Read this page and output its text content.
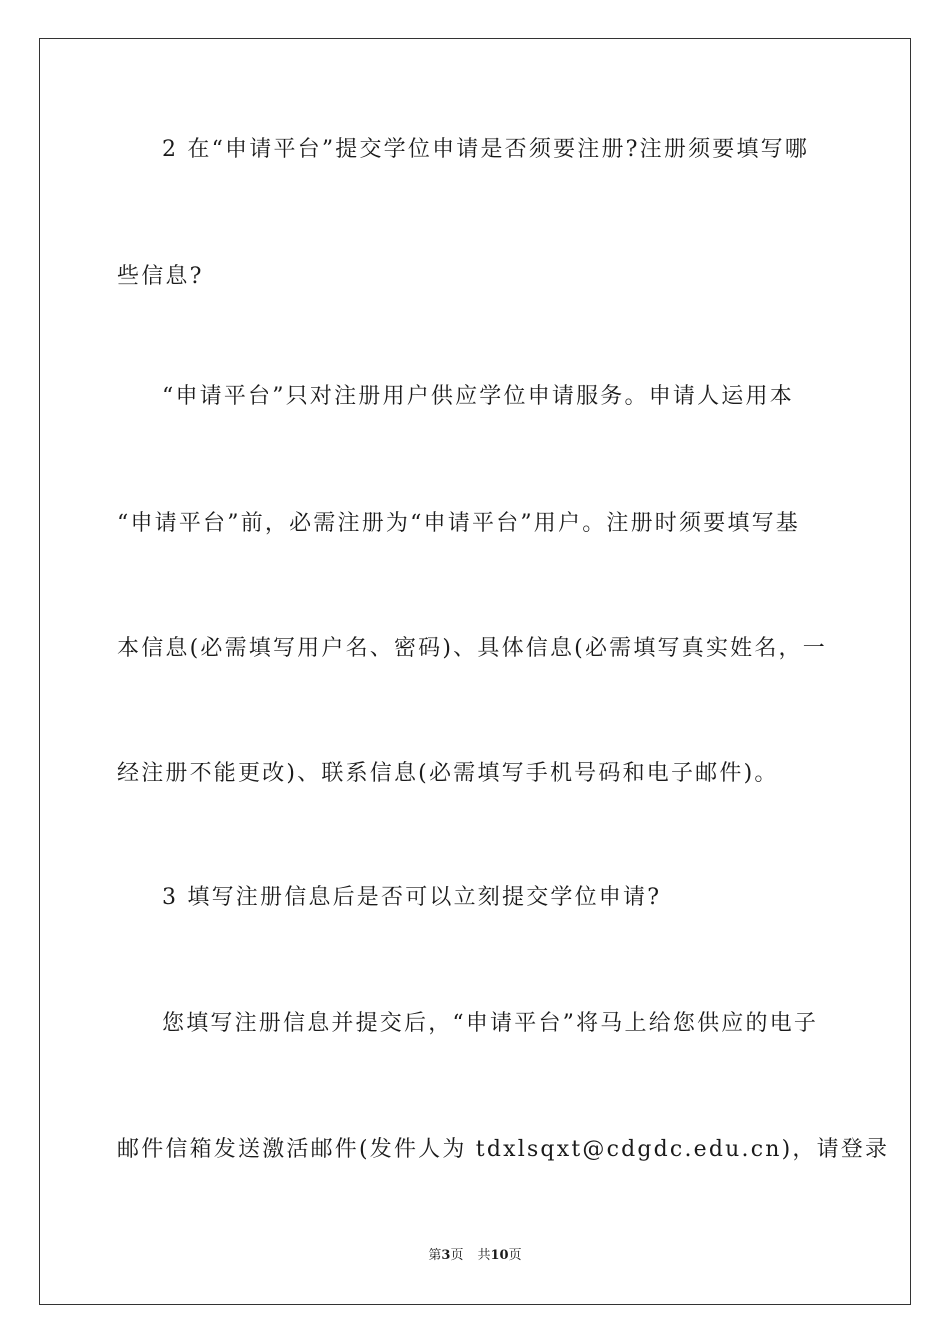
2 在“申请平台”提交学位申请是否须要注册?注册须要填写哪
些信息?
“申请平台”只对注册用户供应学位申请服务。申请人运用本
“申请平台”前，必需注册为“申请平台”用户。注册时须要填写基
本信息(必需填写用户名、密码)、具体信息(必需填写真实姓名，一
经注册不能更改)、联系信息(必需填写手机号码和电子邮件)。
3 填写注册信息后是否可以立刻提交学位申请?
您填写注册信息并提交后，“申请平台”将马上给您供应的电子
邮件信箱发送激活邮件(发件人为 tdxlsqxt@cdgdc.edu.cn)，请登录
第3页 共10页
